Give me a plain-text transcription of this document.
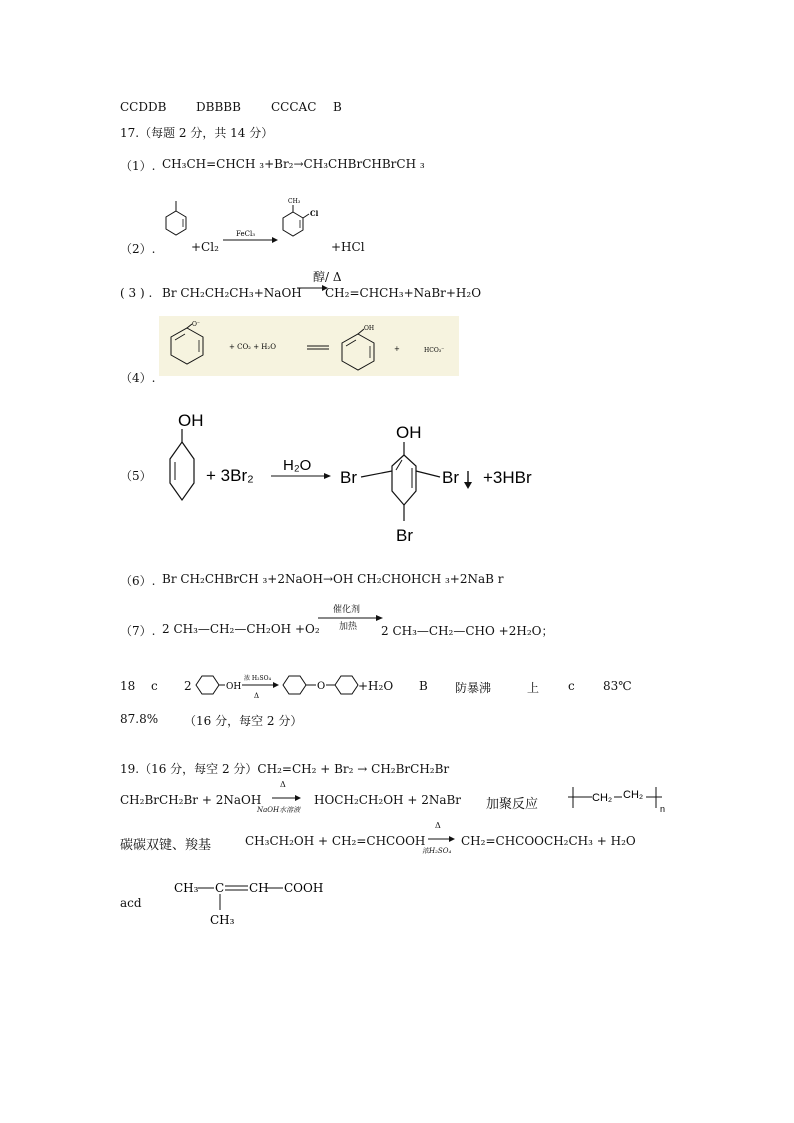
CCDDB DBBBB	CCCAC B
17.（每题 2 分，共 14 分）
（1）. CH₃CH=CHCH ₃+Br₂→CH₃CHBrCHBrCH ₃
（2）.
FeCl₃
CH₃
Cl
+Cl₂	+HCl
( 3 ) . Br CH₂CH₂CH₃+NaOH
醇/ Δ
CH₂=CHCH₃+NaBr+H₂O
（4）.
O⁻
+ CO₂ + H₂O
OH
+	HCO₃⁻
（5）
OH
+ 3Br₂
H₂O
OH
Br	Br
Br
+3HBr
（6）. Br CH₂CHBrCH ₃+2NaOH→OH CH₂CHOHCH ₃+2NaB r
（7）. 2 CH₃—CH₂—CH₂OH +O₂
催化剂
加热 2 CH₃—CH₂—CHO +2H₂O；
18 c 2	OH
浓 H₂SO₄
Δ
O	+H₂O B 防暴沸	上 c 83℃
87.8% （16 分，每空 2 分）
19.（16 分，每空 2 分）CH₂=CH₂ + Br₂ → CH₂BrCH₂Br
CH₂BrCH₂Br + 2NaOH
Δ
NaOH水溶液
HOCH₂CH₂OH + 2NaBr 加聚反应	CH₂ CH₂
n
碳碳双键、羧基	CH₃CH₂OH + CH₂=CHCOOH
Δ
浓H₂SO₄
CH₂=CHCOOCH₂CH₃ + H₂O
acd
CH₃ C CH COOH
CH₃
